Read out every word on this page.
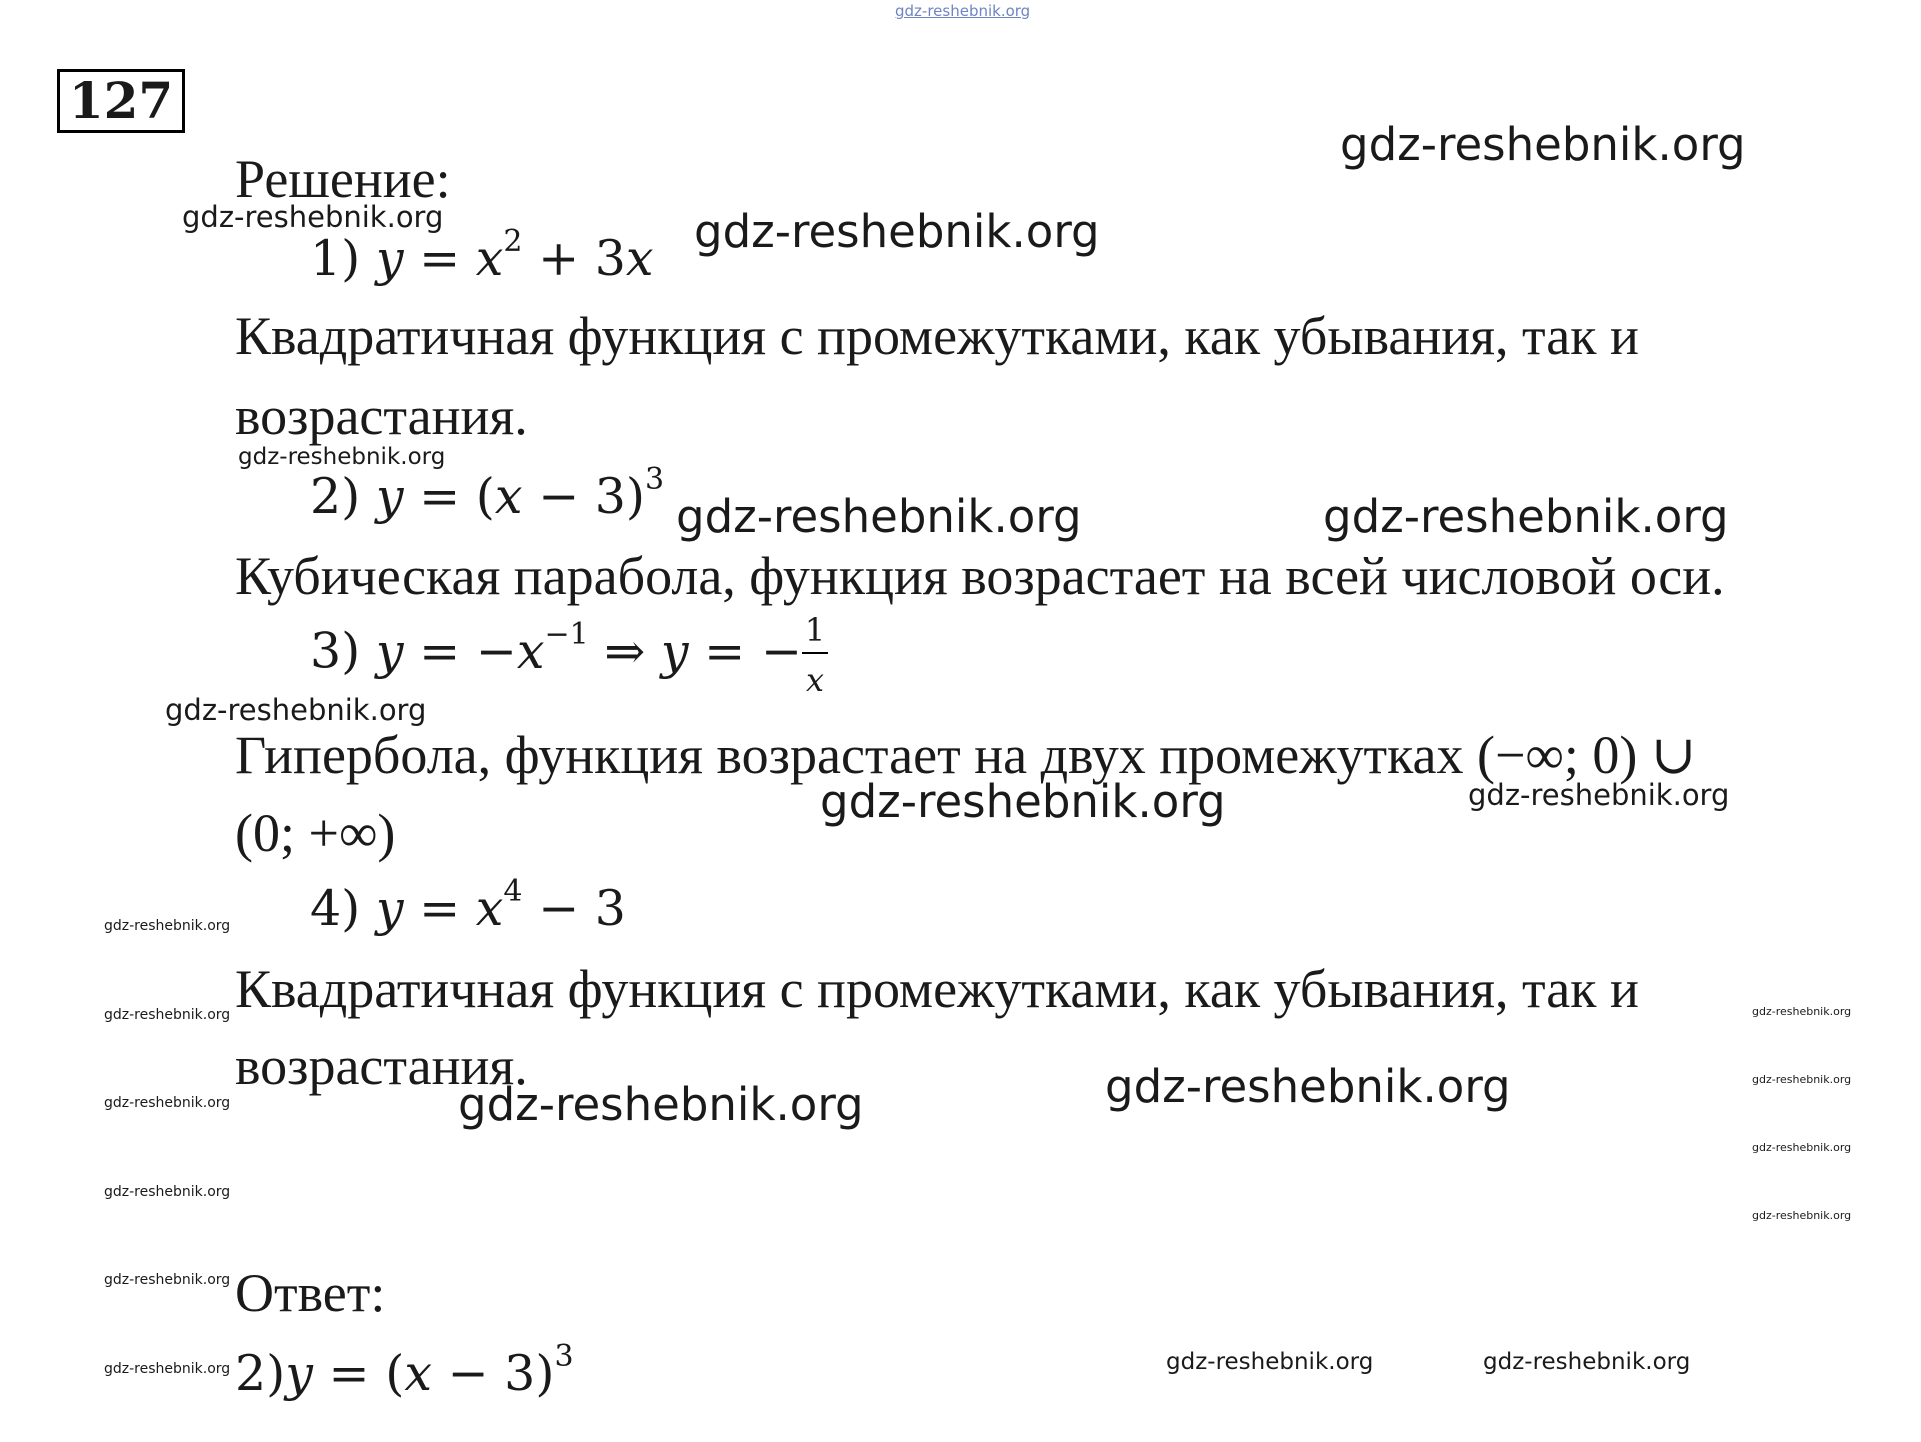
gdz-reshebnik.org
127
Решение:
1) $y = x^2 + 3x$
Квадратичная функция с промежутками, как убывания, так и
возрастания.
2) $y = (x - 3)^3$
Кубическая парабола, функция возрастает на всей числовой оси.
3) $y = -x^{-1}$ ⇒ y = − $\frac{1}{x}$
Гипербола, функция возрастает на двух промежутках (−∞; 0) ∪
(0; +∞)
4) $y = x^4 - 3$
Квадратичная функция с промежутками, как убывания, так и
возрастания.
Ответ:
$2)y = (x - 3)^3$
gdz-reshebnik.org
gdz-reshebnik.org
gdz-reshebnik.org	gdz-reshebnik.org
gdz-reshebnik.org
gdz-reshebnik.org	gdz-reshebnik.org
gdz-reshebnik.org
gdz-reshebnik.org
gdz-reshebnik.org
gdz-reshebnik.org
gdz-reshebnik.org	gdz-reshebnik.org
gdz-reshebnik.org
gdz-reshebnik.org
gdz-reshebnik.org
gdz-reshebnik.org
gdz-reshebnik.org
gdz-reshebnik.org
gdz-reshebnik.org
gdz-reshebnik.org
gdz-reshebnik.org
gdz-reshebnik.org
